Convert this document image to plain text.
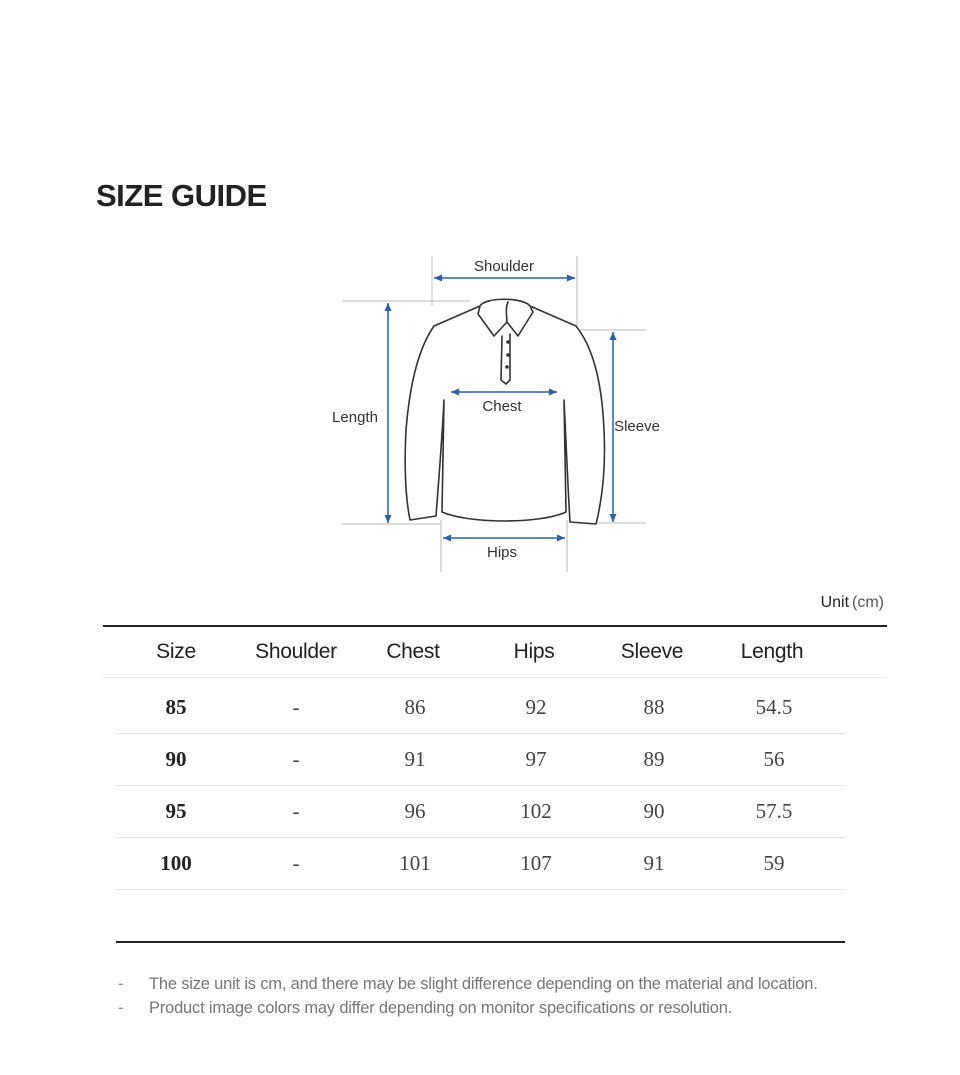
SIZE GUIDE
Shoulder
Length
Chest
Sleeve
Hips
Unit (cm)
Size	Shoulder	Chest	Hips	Sleeve	Length
85	-	86	92	88	54.5
90	-	91	97	89	56
95	-	96	102	90	57.5
100	-	101	107	91	59
- The size unit is cm, and there may be slight difference depending on the material and location.
- Product image colors may differ depending on monitor specifications or resolution.
